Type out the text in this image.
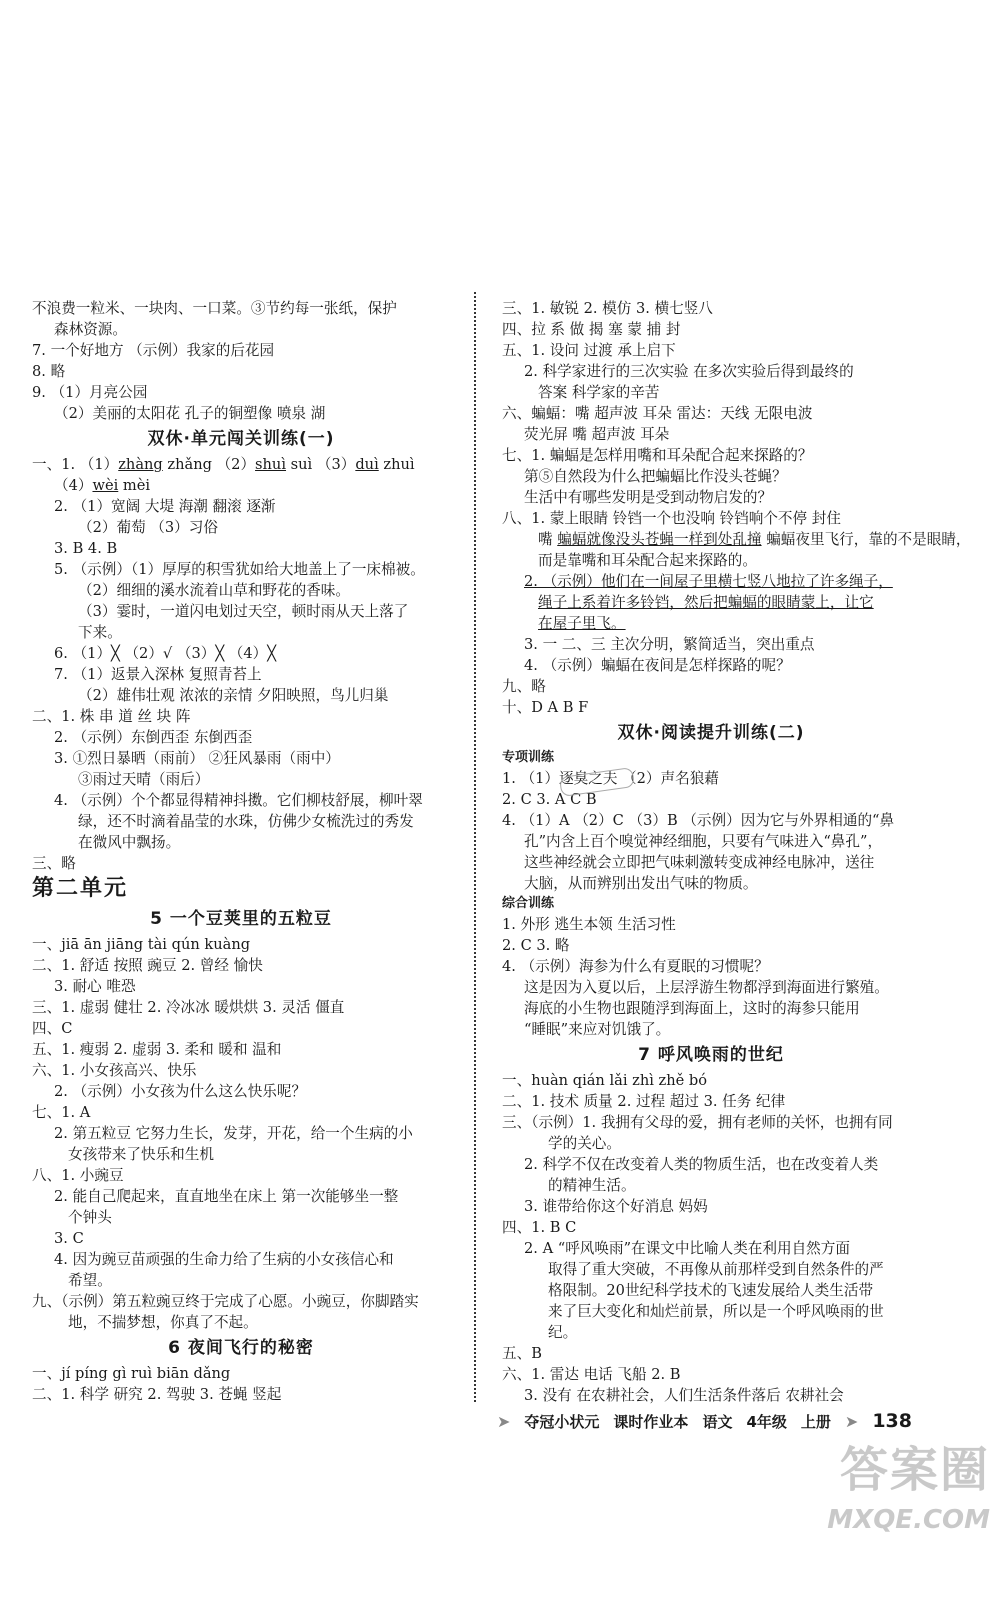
不浪费一粒米、一块肉、一口菜。③节约每一张纸，保护
森林资源。
7. 一个好地方 （示例）我家的后花园
8. 略
9. （1）月亮公园
（2）美丽的太阳花 孔子的铜塑像 喷泉 湖
双休·单元闯关训练(一)
一、1. （1）zhàng zhǎng （2）shuì suì （3）duì zhuì
（4）wèi mèi
2. （1）宽阔 大堤 海潮 翻滚 逐渐
（2）葡萄 （3）习俗
3. B 4. B
5. （示例）（1）厚厚的积雪犹如给大地盖上了一床棉被。
（2）细细的溪水流着山草和野花的香味。
（3）霎时，一道闪电划过天空，顿时雨从天上落了
下来。
6. （1）╳ （2）√ （3）╳ （4）╳
7. （1）返景入深林 复照青苔上
（2）雄伟壮观 浓浓的亲情 夕阳映照，鸟儿归巢
二、1. 株 串 道 丝 块 阵
2. （示例）东倒西歪 东倒西歪
3. ①烈日暴晒（雨前） ②狂风暴雨（雨中）
③雨过天晴（雨后）
4. （示例）个个都显得精神抖擞。它们柳枝舒展，柳叶翠
绿，还不时滴着晶莹的水珠，仿佛少女梳洗过的秀发
在微风中飘扬。
三、略
第二单元
5 一个豆荚里的五粒豆
一、jiā ān jiāng tài qún kuàng
二、1. 舒适 按照 豌豆 2. 曾经 愉快
3. 耐心 唯恐
三、1. 虚弱 健壮 2. 冷冰冰 暖烘烘 3. 灵活 僵直
四、C
五、1. 瘦弱 2. 虚弱 3. 柔和 暖和 温和
六、1. 小女孩高兴、快乐
2. （示例）小女孩为什么这么快乐呢？
七、1. A
2. 第五粒豆 它努力生长，发芽，开花，给一个生病的小
女孩带来了快乐和生机
八、1. 小豌豆
2. 能自己爬起来，直直地坐在床上 第一次能够坐一整
个钟头
3. C
4. 因为豌豆苗顽强的生命力给了生病的小女孩信心和
希望。
九、（示例）第五粒豌豆终于完成了心愿。小豌豆，你脚踏实
地，不揣梦想，你真了不起。
6 夜间飞行的秘密
一、jí píng gì ruì biān dǎng
二、1. 科学 研究 2. 驾驶 3. 苍蝇 竖起
三、1. 敏锐 2. 模仿 3. 横七竖八
四、拉 系 做 揭 塞 蒙 捕 封
五、1. 设问 过渡 承上启下
2. 科学家进行的三次实验 在多次实验后得到最终的
答案 科学家的辛苦
六、蝙蝠：嘴 超声波 耳朵 雷达：天线 无限电波
荧光屏 嘴 超声波 耳朵
七、1. 蝙蝠是怎样用嘴和耳朵配合起来探路的？
第⑤自然段为什么把蝙蝠比作没头苍蝇？
生活中有哪些发明是受到动物启发的？
八、1. 蒙上眼睛 铃铛一个也没响 铃铛响个不停 封住
嘴 蝙蝠就像没头苍蝇一样到处乱撞 蝙蝠夜里飞行，靠的不是眼睛，
而是靠嘴和耳朵配合起来探路的。
2. （示例）他们在一间屋子里横七竖八地拉了许多绳子，
绳子上系着许多铃铛，然后把蝙蝠的眼睛蒙上，让它
在屋子里飞。
3. 一 二、三 主次分明，繁简适当，突出重点
4. （示例）蝙蝠在夜间是怎样探路的呢？
九、略
十、D A B F
双休·阅读提升训练(二)
专项训练
1. （1）逐臭之夫 （2）声名狼藉
2. C 3. A C B
4. （1）A （2）C （3）B （示例）因为它与外界相通的“鼻
孔”内含上百个嗅觉神经细胞，只要有气味进入“鼻孔”，
这些神经就会立即把气味刺激转变成神经电脉冲，送往
大脑，从而辨别出发出气味的物质。
综合训练
1. 外形 逃生本领 生活习性
2. C 3. 略
4. （示例）海参为什么有夏眠的习惯呢？
这是因为入夏以后，上层浮游生物都浮到海面进行繁殖。
海底的小生物也跟随浮到海面上，这时的海参只能用
“睡眠”来应对饥饿了。
7 呼风唤雨的世纪
一、huàn qián lǎi zhì zhě bó
二、1. 技术 质量 2. 过程 超过 3. 任务 纪律
三、（示例）1. 我拥有父母的爱，拥有老师的关怀，也拥有同
学的关心。
2. 科学不仅在改变着人类的物质生活，也在改变着人类
的精神生活。
3. 谁带给你这个好消息 妈妈
四、1. B C
2. A “呼风唤雨”在课文中比喻人类在利用自然方面
取得了重大突破，不再像从前那样受到自然条件的严
格限制。20世纪科学技术的飞速发展给人类生活带
来了巨大变化和灿烂前景，所以是一个呼风唤雨的世
纪。
五、B
六、1. 雷达 电话 飞船 2. B
3. 没有 在农耕社会，人们生活条件落后 农耕社会
➤ 夺冠小状元 课时作业本 语文 4年级 上册 ➤ 138
答案圈
MXQE.COM
